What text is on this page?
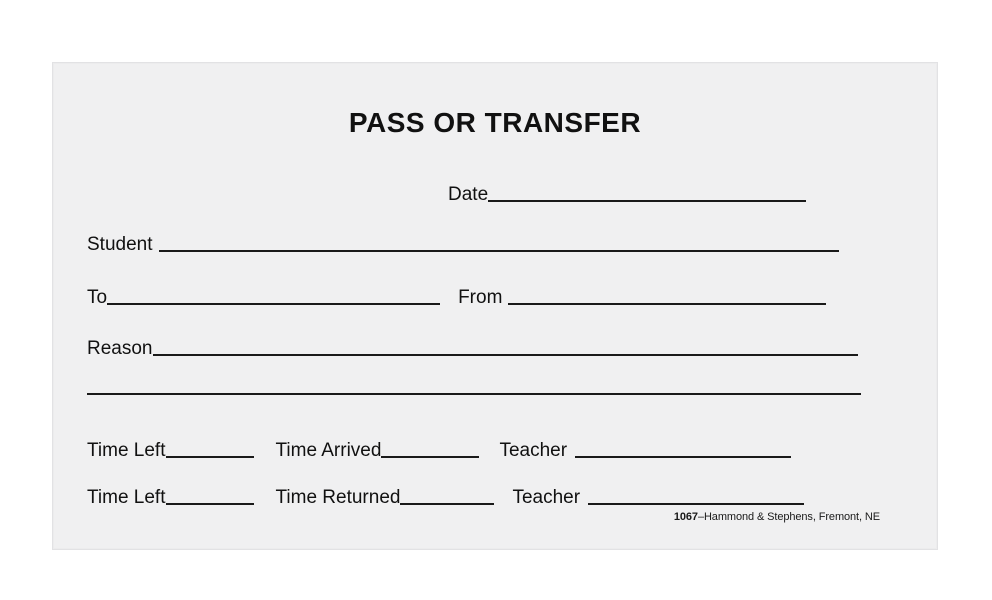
PASS OR TRANSFER
Date
Student
To	From
Reason
Time Left	Time Arrived	Teacher
Time Left	Time Returned	Teacher
1067–Hammond & Stephens, Fremont, NE
